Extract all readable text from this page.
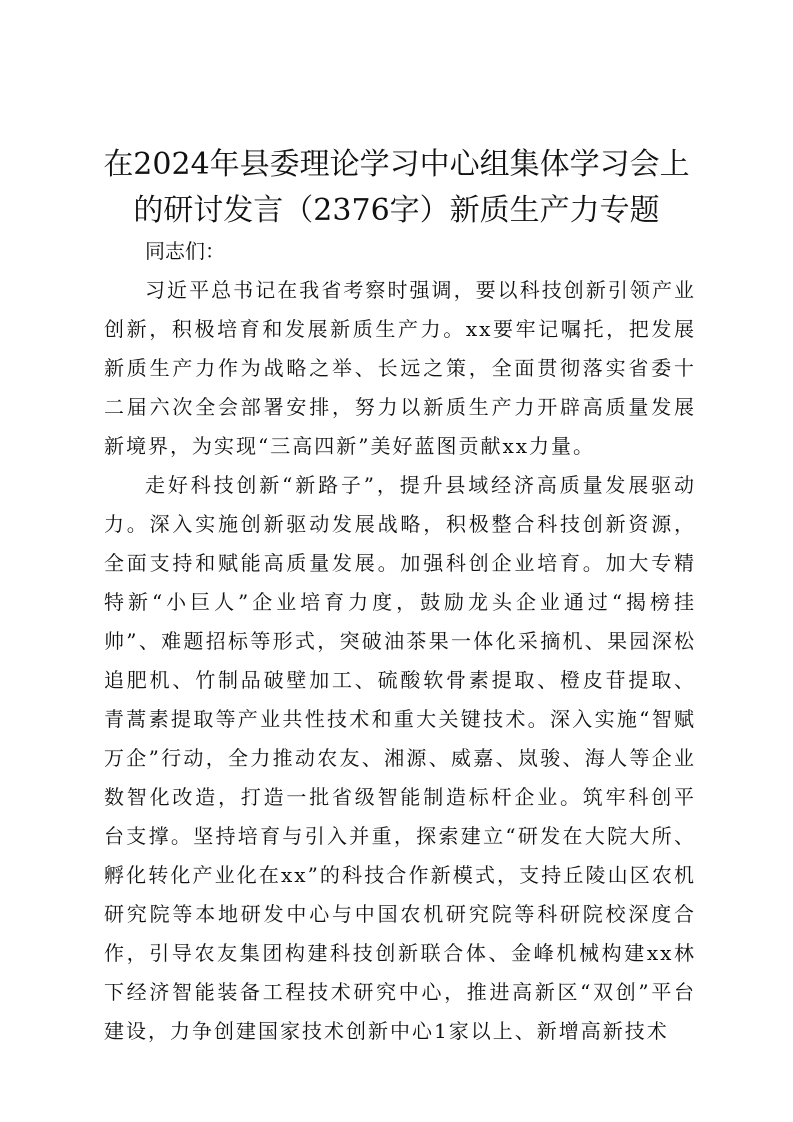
在2024年县委理论学习中心组集体学习会上
的研讨发言（2376字）新质生产力专题

同志们：

习近平总书记在我省考察时强调，要以科技创新引领产业创新，积极培育和发展新质生产力。xx要牢记嘱托，把发展新质生产力作为战略之举、长远之策，全面贯彻落实省委十二届六次全会部署安排，努力以新质生产力开辟高质量发展新境界，为实现“三高四新”美好蓝图贡献xx力量。

走好科技创新“新路子”，提升县域经济高质量发展驱动力。深入实施创新驱动发展战略，积极整合科技创新资源，全面支持和赋能高质量发展。加强科创企业培育。加大专精特新“小巨人”企业培育力度，鼓励龙头企业通过“揭榜挂帅”、难题招标等形式，突破油茶果一体化采摘机、果园深松追肥机、竹制品破壁加工、硫酸软骨素提取、橙皮苷提取、青蒿素提取等产业共性技术和重大关键技术。深入实施“智赋万企”行动，全力推动农友、湘源、威嘉、岚骏、海人等企业数智化改造，打造一批省级智能制造标杆企业。筑牢科创平台支撑。坚持培育与引入并重，探索建立“研发在大院大所、孵化转化产业化在xx”的科技合作新模式，支持丘陵山区农机研究院等本地研发中心与中国农机研究院等科研院校深度合作，引导农友集团构建科技创新联合体、金峰机械构建xx林下经济智能装备工程技术研究中心，推进高新区“双创”平台建设，力争创建国家技术创新中心1家以上、新增高新技术
